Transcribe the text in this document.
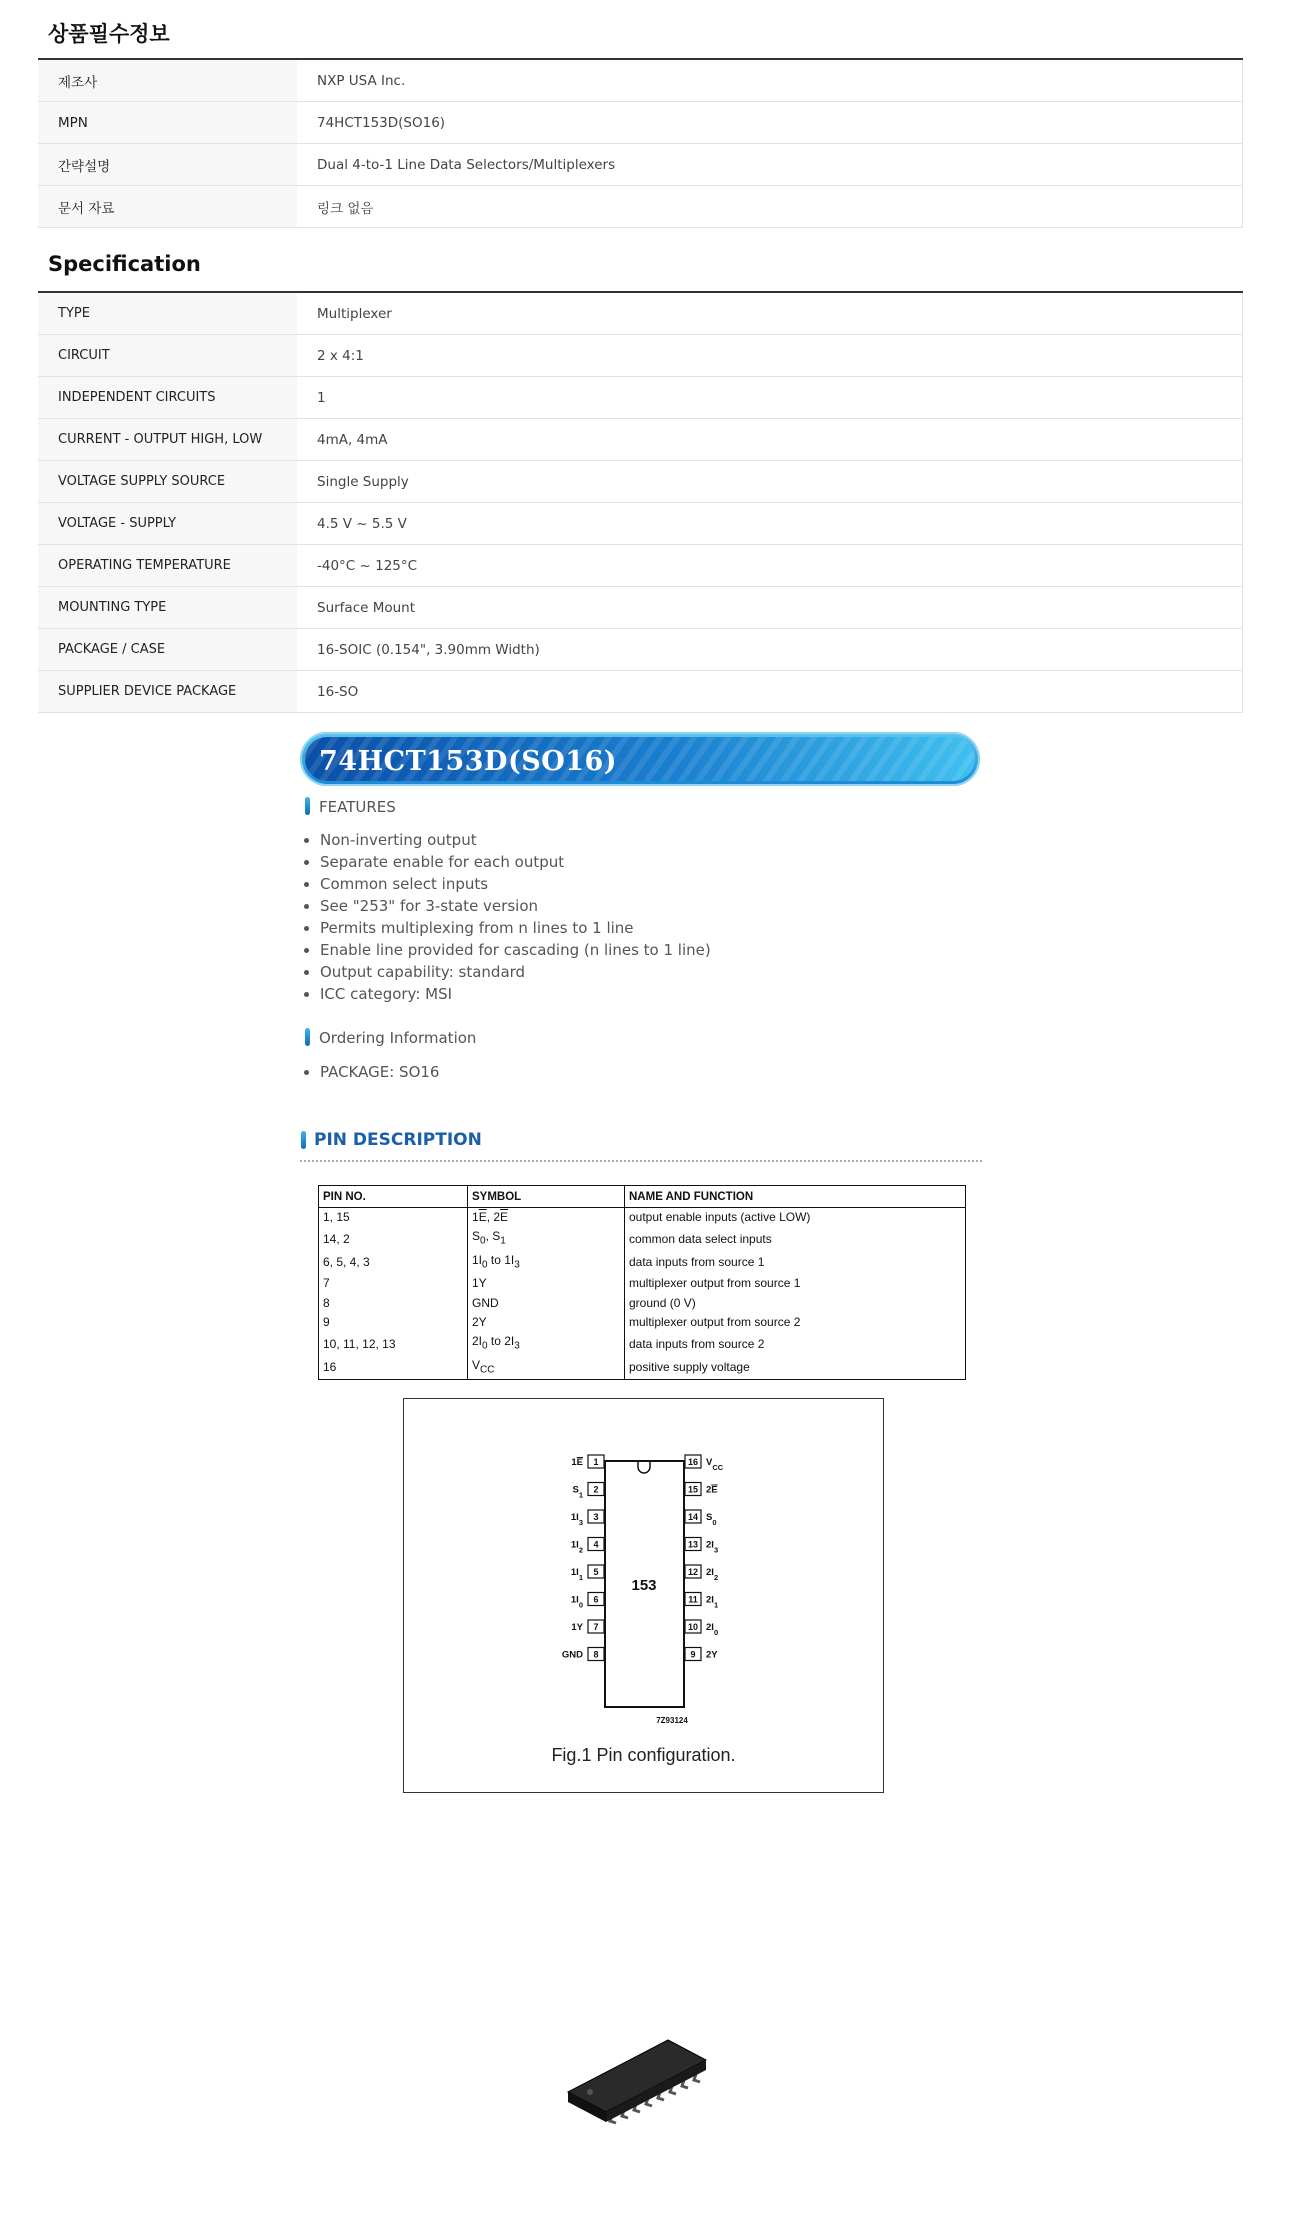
상품필수정보
제조사	NXP USA Inc.
MPN	74HCT153D(SO16)
간략설명	Dual 4-to-1 Line Data Selectors/Multiplexers
문서 자료	링크 없음
Specification
TYPE	Multiplexer
CIRCUIT	2 x 4:1
INDEPENDENT CIRCUITS	1
CURRENT - OUTPUT HIGH, LOW	4mA, 4mA
VOLTAGE SUPPLY SOURCE	Single Supply
VOLTAGE - SUPPLY	4.5 V ~ 5.5 V
OPERATING TEMPERATURE	-40°C ~ 125°C
MOUNTING TYPE	Surface Mount
PACKAGE / CASE	16-SOIC (0.154", 3.90mm Width)
SUPPLIER DEVICE PACKAGE	16-SO
74HCT153D(SO16)
FEATURES
• Non-inverting output
• Separate enable for each output
• Common select inputs
• See "253" for 3-state version
• Permits multiplexing from n lines to 1 line
• Enable line provided for cascading (n lines to 1 line)
• Output capability: standard
• ICC category: MSI
Ordering Information
• PACKAGE: SO16
PIN DESCRIPTION
PIN NO.	SYMBOL	NAME AND FUNCTION
1, 15	$1\overline{E}$, $2\overline{E}$	output enable inputs (active LOW)
14, 2	$S_0$, $S_1$	common data select inputs
6, 5, 4, 3	$1I_0$ to $1I_3$	data inputs from source 1
7	1Y	multiplexer output from source 1
8	GND	ground (0 V)
9	2Y	multiplexer output from source 2
10, 11, 12, 13	$2I_0$ to $2I_3$	data inputs from source 2
16	$V_{CC}$	positive supply voltage
153
7Z93124
1
1E
2
$S_1$
3
$1I_3$
4
$1I_2$
5
$1I_1$
6
$1I_0$
7
1Y
8
GND
16 $V_{CC}$
15 2E
14 $S_0$
13 $2I_3$
12 $2I_2$
11 $2I_1$
10 $2I_0$
9 2Y
Fig.1 Pin configuration.
